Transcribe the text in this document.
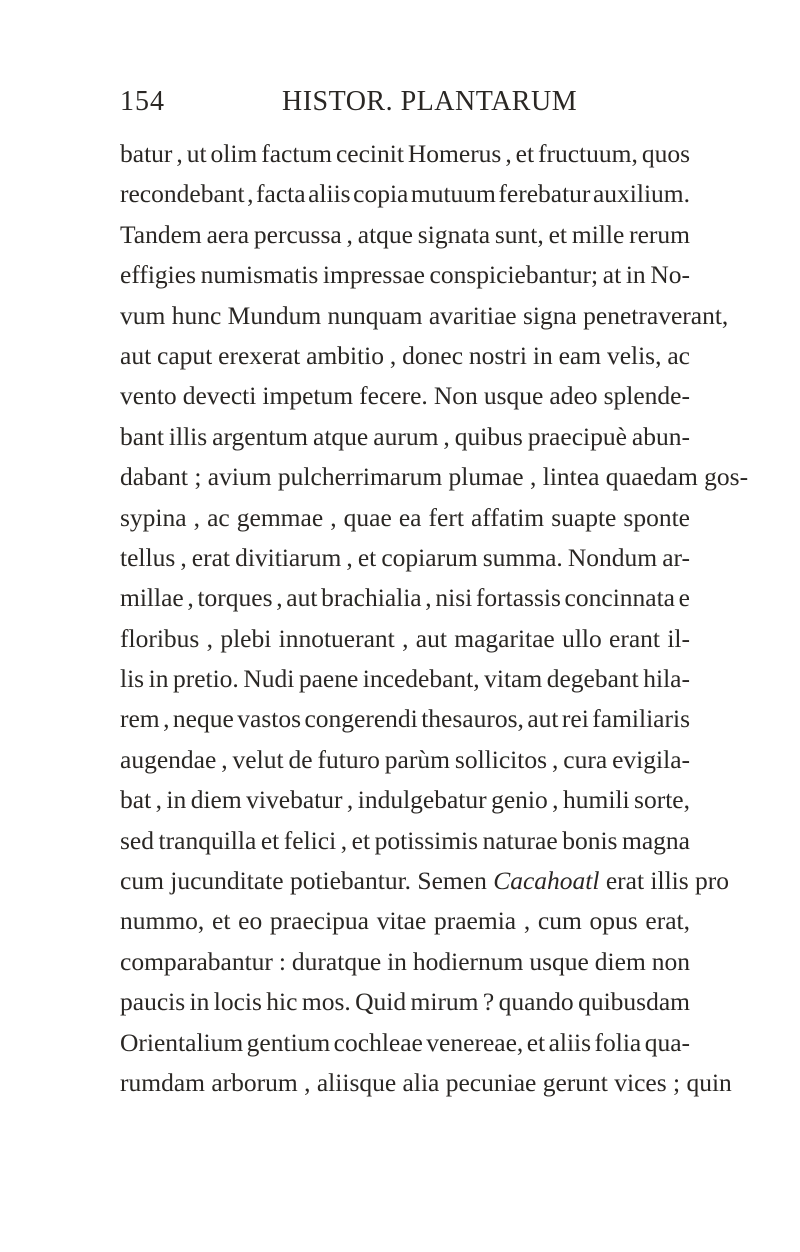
154	HISTOR. PLANTARUM
batur , ut olim factum cecinit Homerus , et fructuum, quos
recondebant , facta aliis copia mutuum ferebatur auxilium.
Tandem aera percussa , atque signata sunt, et mille rerum
effigies numismatis impressae conspiciebantur; at in No-
vum hunc Mundum nunquam avaritiae signa penetraverant,
aut caput erexerat ambitio , donec nostri in eam velis, ac
vento devecti impetum fecere. Non usque adeo splende-
bant illis argentum atque aurum , quibus praecipuè abun-
dabant ; avium pulcherrimarum plumae , lintea quaedam gos-
sypina , ac gemmae , quae ea fert affatim suapte sponte
tellus , erat divitiarum , et copiarum summa. Nondum ar-
millae , torques , aut brachialia , nisi fortassis concinnata e
floribus , plebi innotuerant , aut magaritae ullo erant il-
lis in pretio. Nudi paene incedebant, vitam degebant hila-
rem , neque vastos congerendi thesauros, aut rei familiaris
augendae , velut de futuro parùm sollicitos , cura evigila-
bat , in diem vivebatur , indulgebatur genio , humili sorte,
sed tranquilla et felici , et potissimis naturae bonis magna
cum jucunditate potiebantur. Semen Cacahoatl erat illis pro
nummo, et eo praecipua vitae praemia , cum opus erat,
comparabantur : duratque in hodiernum usque diem non
paucis in locis hic mos. Quid mirum ? quando quibusdam
Orientalium gentium cochleae venereae, et aliis folia qua-
rumdam arborum , aliisque alia pecuniae gerunt vices ; quin
